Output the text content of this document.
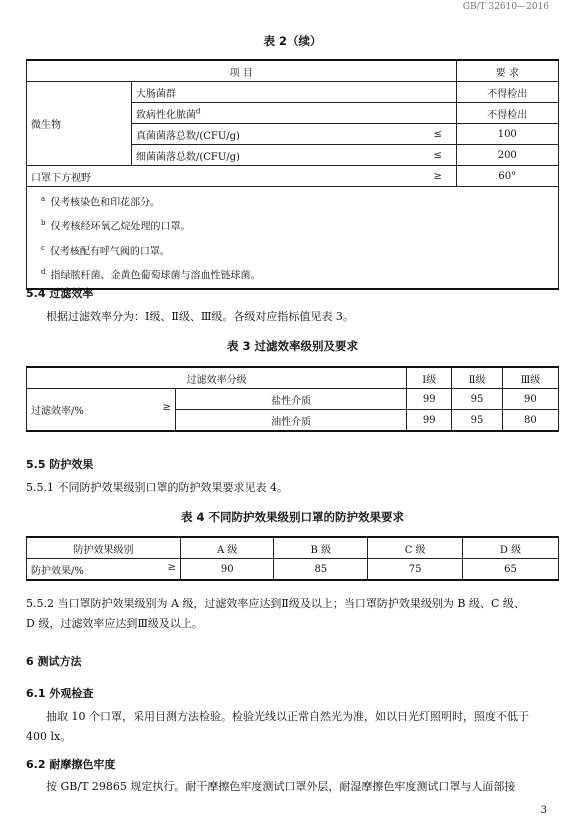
GB/T 32610—2016
表 2（续）
项 目			要 求
微生物	大肠菌群		不得检出
	致病性化脓菌$^d$		不得检出
	真菌菌落总数/(CFU/g)	≤	100
	细菌菌落总数/(CFU/g)	≤	200
口罩下方视野		≥	60°

$^a$ 仅考核染色和印花部分。
$^b$ 仅考核经环氧乙烷处理的口罩。
$^c$ 仅考核配有呼气阀的口罩。
$^d$ 指绿脓杆菌、金黄色葡萄球菌与溶血性链球菌。			
5.4 过滤效率
根据过滤效率分为：Ⅰ级、Ⅱ级、Ⅲ级。各级对应指标值见表 3。
表 3 过滤效率级别及要求
过滤效率分级		Ⅰ级	Ⅱ级	Ⅲ级
过滤效率/% ≥	盐性介质	99	95	90
	油性介质	99	95	80
5.5 防护效果
5.5.1 不同防护效果级别口罩的防护效果要求见表 4。
表 4 不同防护效果级别口罩的防护效果要求
防护效果级别	A 级	B 级	C 级	D 级
防护效果/% ≥	90	85	75	65
5.5.2 当口罩防护效果级别为 A 级，过滤效率应达到Ⅱ级及以上；当口罩防护效果级别为 B 级、C 级、
D 级，过滤效率应达到Ⅲ级及以上。
6 测试方法
6.1 外观检查
抽取 10 个口罩，采用目测方法检验。检验光线以正常自然光为准，如以日光灯照明时，照度不低于
400 lx。
6.2 耐摩擦色牢度
按 GB/T 29865 规定执行。耐干摩擦色牢度测试口罩外层，耐湿摩擦色牢度测试口罩与人面部接
3
